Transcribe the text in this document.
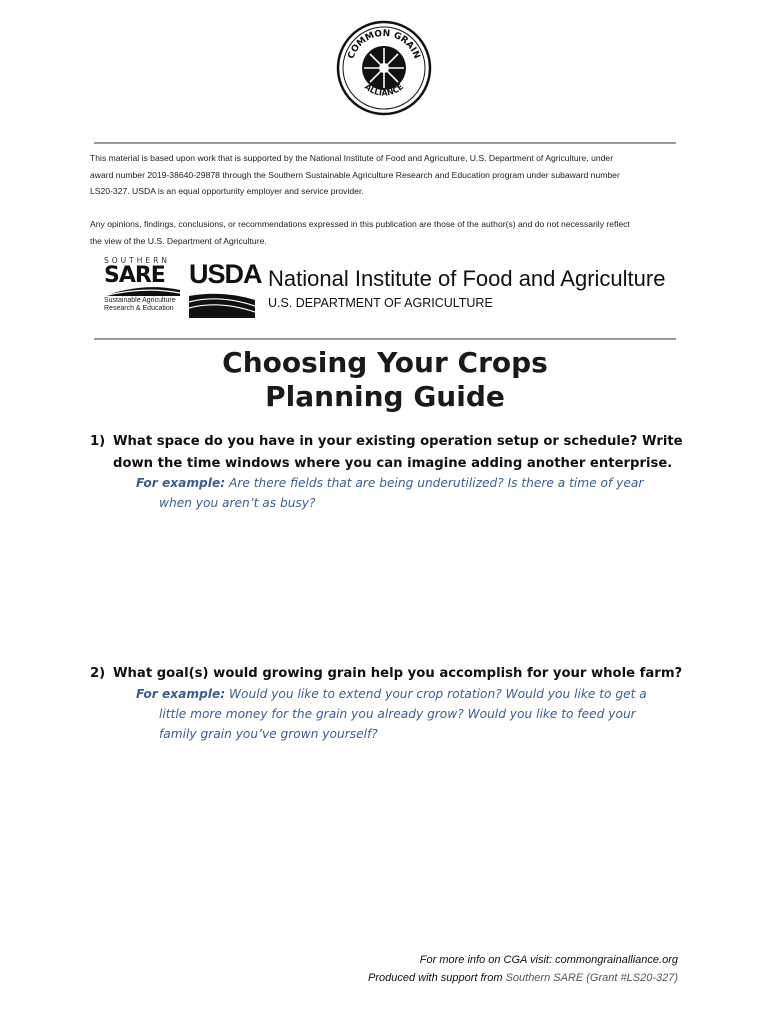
COMMON GRAIN
ALLIANCE
This material is based upon work that is supported by the National Institute of Food and Agriculture, U.S. Department of Agriculture, under
award number 2019-38640-29878 through the Southern Sustainable Agriculture Research and Education program under subaward number
LS20-327. USDA is an equal opportunity employer and service provider.
Any opinions, findings, conclusions, or recommendations expressed in this publication are those of the author(s) and do not necessarily reflect
the view of the U.S. Department of Agriculture.
SOUTHERN
SARE
Sustainable Agriculture
Research & Education
USDA National Institute of Food and Agriculture
U.S. DEPARTMENT OF AGRICULTURE
Choosing Your Crops
Planning Guide
1) What space do you have in your existing operation setup or schedule? Write
down the time windows where you can imagine adding another enterprise.
For example: Are there fields that are being underutilized? Is there a time of year
when you aren’t as busy?
2) What goal(s) would growing grain help you accomplish for your whole farm?
For example: Would you like to extend your crop rotation? Would you like to get a
little more money for the grain you already grow? Would you like to feed your
family grain you’ve grown yourself?
For more info on CGA visit: commongrainalliance.org
Produced with support from Southern SARE (Grant #LS20-327)
